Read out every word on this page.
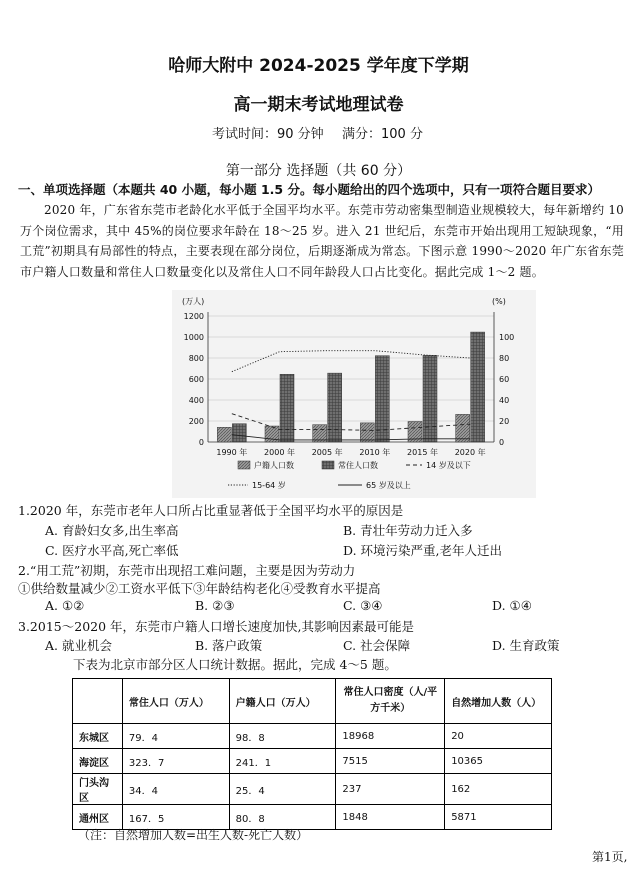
哈师大附中 2024-2025 学年度下学期
高一期末考试地理试卷
考试时间：90 分钟 满分：100 分
第一部分 选择题（共 60 分）
一、单项选择题（本题共 40 小题，每小题 1.5 分。每小题给出的四个选项中，只有一项符合题目要求）
2020 年，广东省东莞市老龄化水平低于全国平均水平。东莞市劳动密集型制造业规模较大，每年新增约 10 万个岗位需求，其中 45%的岗位要求年龄在 18～25 岁。进入 21 世纪后，东莞市开始出现用工短缺现象，“用工荒”初期具有局部性的特点，主要表现在部分岗位，后期逐渐成为常态。下图示意 1990～2020 年广东省东莞市户籍人口数量和常住人口数量变化以及常住人口不同年龄段人口占比变化。据此完成 1～2 题。
1200
1000
800
600
400
200
0
100
80
60
40
20
0
(万人)	(%)
1990 年 2000 年 2005 年 2010 年 2015 年 2020 年
户籍人口数	常住人口数	14 岁及以下
15-64 岁	65 岁及以上
1.2020 年，东莞市老年人口所占比重显著低于全国平均水平的原因是
A. 育龄妇女多,出生率高	B. 青壮年劳动力迁入多
C. 医疗水平高,死亡率低	D. 环境污染严重,老年人迁出
2.“用工荒”初期，东莞市出现招工难问题，主要是因为劳动力
①供给数量减少②工资水平低下③年龄结构老化④受教育水平提高
A. ①②	B. ②③	C. ③④	D. ①④
3.2015～2020 年，东莞市户籍人口增长速度加快,其影响因素最可能是
A. 就业机会	B. 落户政策	C. 社会保障	D. 生育政策
下表为北京市部分区人口统计数据。据此，完成 4～5 题。
	常住人口（万人）	户籍人口（万人）	常住人口密度（人/平方千米）	自然增加人数（人）
东城区	79．4	98．8	18968	20
海淀区	323．7	241．1	7515	10365
门头沟区	34．4	25．4	237	162
通州区	167．5	80．8	1848	5871
（注：自然增加人数=出生人数-死亡人数）
第1页,
